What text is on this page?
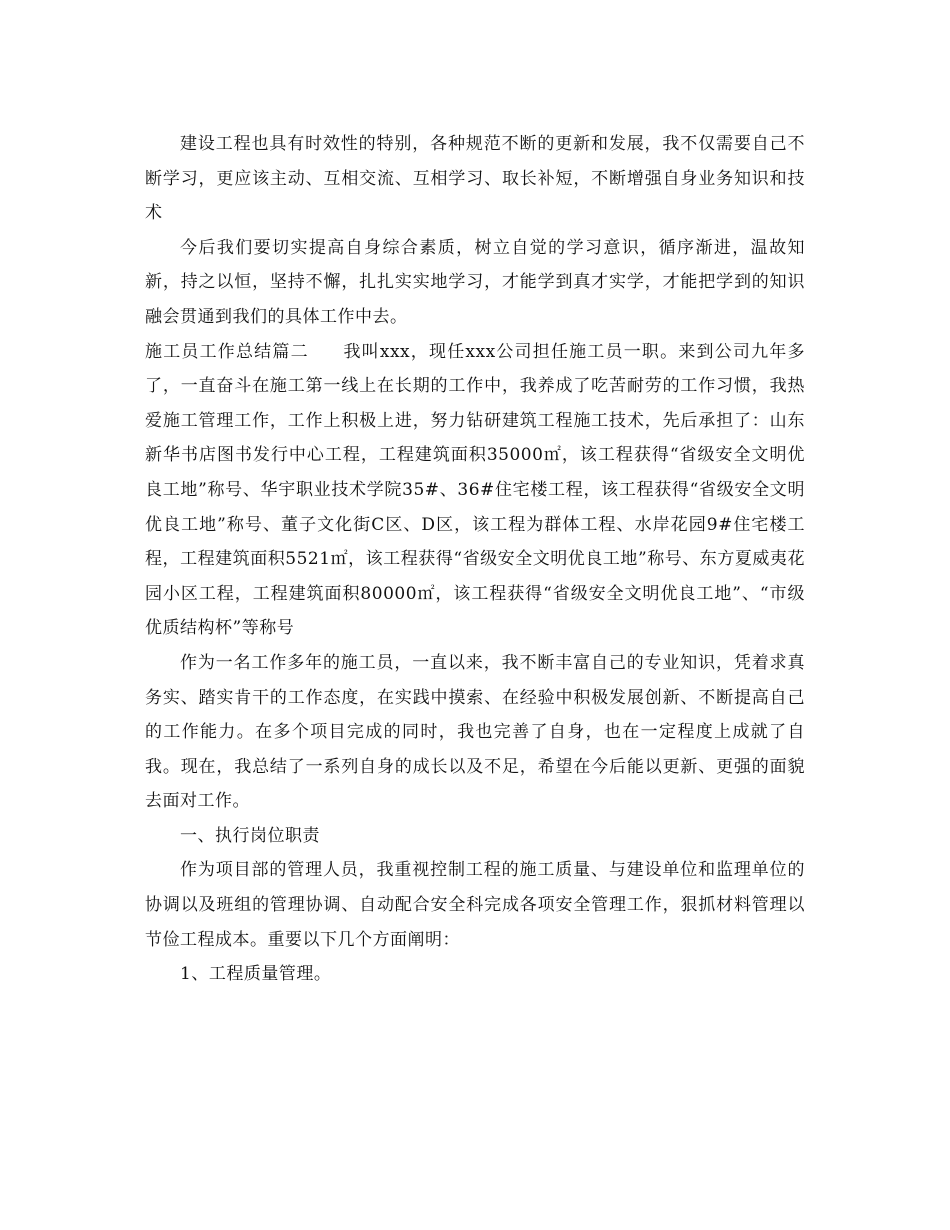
建设工程也具有时效性的特别，各种规范不断的更新和发展，我不仅需要自己不断学习，更应该主动、互相交流、互相学习、取长补短，不断增强自身业务知识和技术

今后我们要切实提高自身综合素质，树立自觉的学习意识，循序渐进，温故知新，持之以恒，坚持不懈，扎扎实实地学习，才能学到真才实学，才能把学到的知识融会贯通到我们的具体工作中去。

施工员工作总结篇二 我叫xxx，现任xxx公司担任施工员一职。来到公司九年多了，一直奋斗在施工第一线上在长期的工作中，我养成了吃苦耐劳的工作习惯，我热爱施工管理工作，工作上积极上进，努力钻研建筑工程施工技术，先后承担了：山东新华书店图书发行中心工程，工程建筑面积35000㎡，该工程获得“省级安全文明优良工地”称号、华宇职业技术学院35#、36#住宅楼工程，该工程获得“省级安全文明优良工地”称号、董子文化街C区、D区，该工程为群体工程、水岸花园9#住宅楼工程，工程建筑面积5521㎡，该工程获得“省级安全文明优良工地”称号、东方夏威夷花园小区工程，工程建筑面积80000㎡，该工程获得“省级安全文明优良工地”、“市级优质结构杯”等称号

作为一名工作多年的施工员，一直以来，我不断丰富自己的专业知识，凭着求真务实、踏实肯干的工作态度，在实践中摸索、在经验中积极发展创新、不断提高自己的工作能力。在多个项目完成的同时，我也完善了自身，也在一定程度上成就了自我。现在，我总结了一系列自身的成长以及不足，希望在今后能以更新、更强的面貌去面对工作。

一、执行岗位职责

作为项目部的管理人员，我重视控制工程的施工质量、与建设单位和监理单位的协调以及班组的管理协调、自动配合安全科完成各项安全管理工作，狠抓材料管理以节俭工程成本。重要以下几个方面阐明：

1、工程质量管理。
